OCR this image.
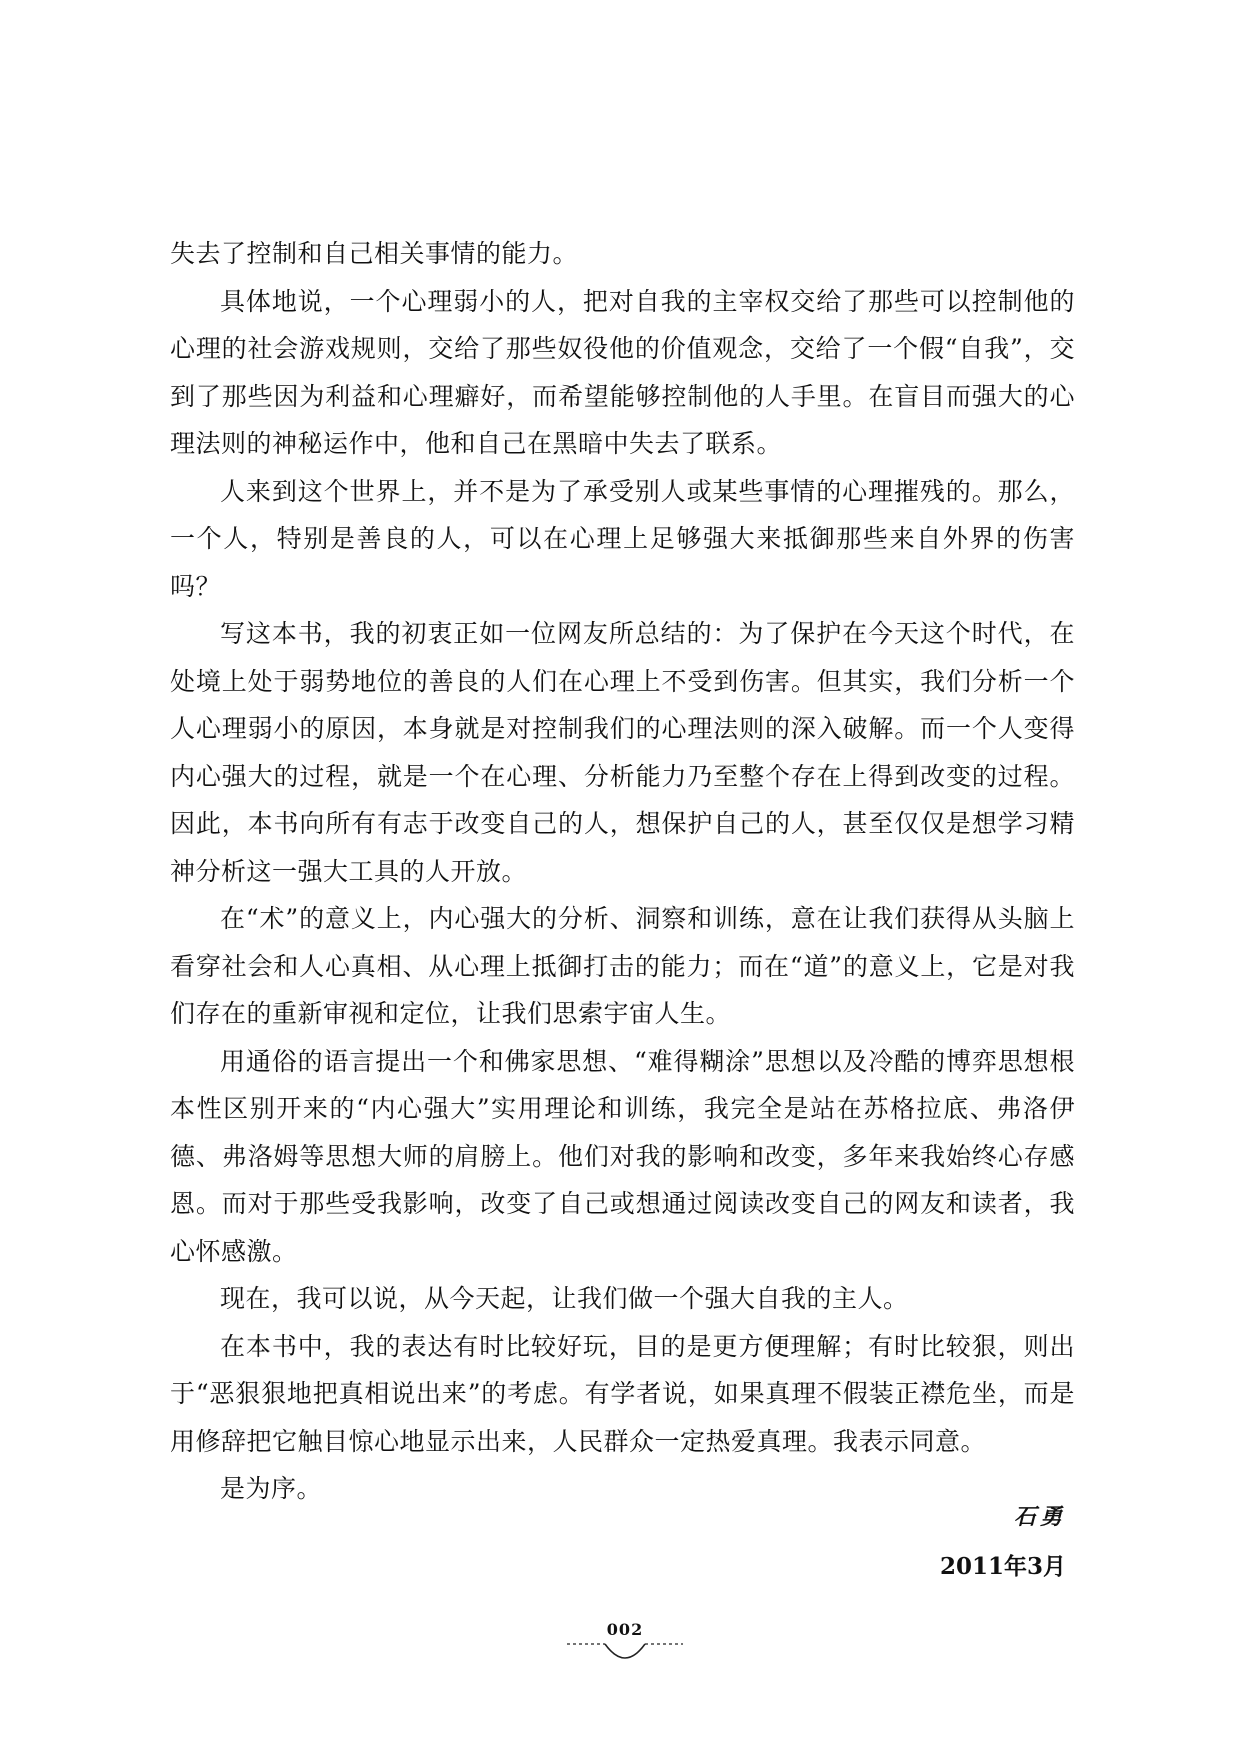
失去了控制和自己相关事情的能力。

具体地说，一个心理弱小的人，把对自我的主宰权交给了那些可以控制他的心理的社会游戏规则，交给了那些奴役他的价值观念，交给了一个假“自我”，交到了那些因为利益和心理癖好，而希望能够控制他的人手里。在盲目而强大的心理法则的神秘运作中，他和自己在黑暗中失去了联系。

人来到这个世界上，并不是为了承受别人或某些事情的心理摧残的。那么，一个人，特别是善良的人，可以在心理上足够强大来抵御那些来自外界的伤害吗？

写这本书，我的初衷正如一位网友所总结的：为了保护在今天这个时代，在处境上处于弱势地位的善良的人们在心理上不受到伤害。但其实，我们分析一个人心理弱小的原因，本身就是对控制我们的心理法则的深入破解。而一个人变得内心强大的过程，就是一个在心理、分析能力乃至整个存在上得到改变的过程。因此，本书向所有有志于改变自己的人，想保护自己的人，甚至仅仅是想学习精神分析这一强大工具的人开放。

在“术”的意义上，内心强大的分析、洞察和训练，意在让我们获得从头脑上看穿社会和人心真相、从心理上抵御打击的能力；而在“道”的意义上，它是对我们存在的重新审视和定位，让我们思索宇宙人生。

用通俗的语言提出一个和佛家思想、“难得糊涂”思想以及冷酷的博弈思想根本性区别开来的“内心强大”实用理论和训练，我完全是站在苏格拉底、弗洛伊德、弗洛姆等思想大师的肩膀上。他们对我的影响和改变，多年来我始终心存感恩。而对于那些受我影响，改变了自己或想通过阅读改变自己的网友和读者，我心怀感激。

现在，我可以说，从今天起，让我们做一个强大自我的主人。

在本书中，我的表达有时比较好玩，目的是更方便理解；有时比较狠，则出于“恶狠狠地把真相说出来”的考虑。有学者说，如果真理不假装正襟危坐，而是用修辞把它触目惊心地显示出来，人民群众一定热爱真理。我表示同意。

是为序。

石勇
2011年3月
002
